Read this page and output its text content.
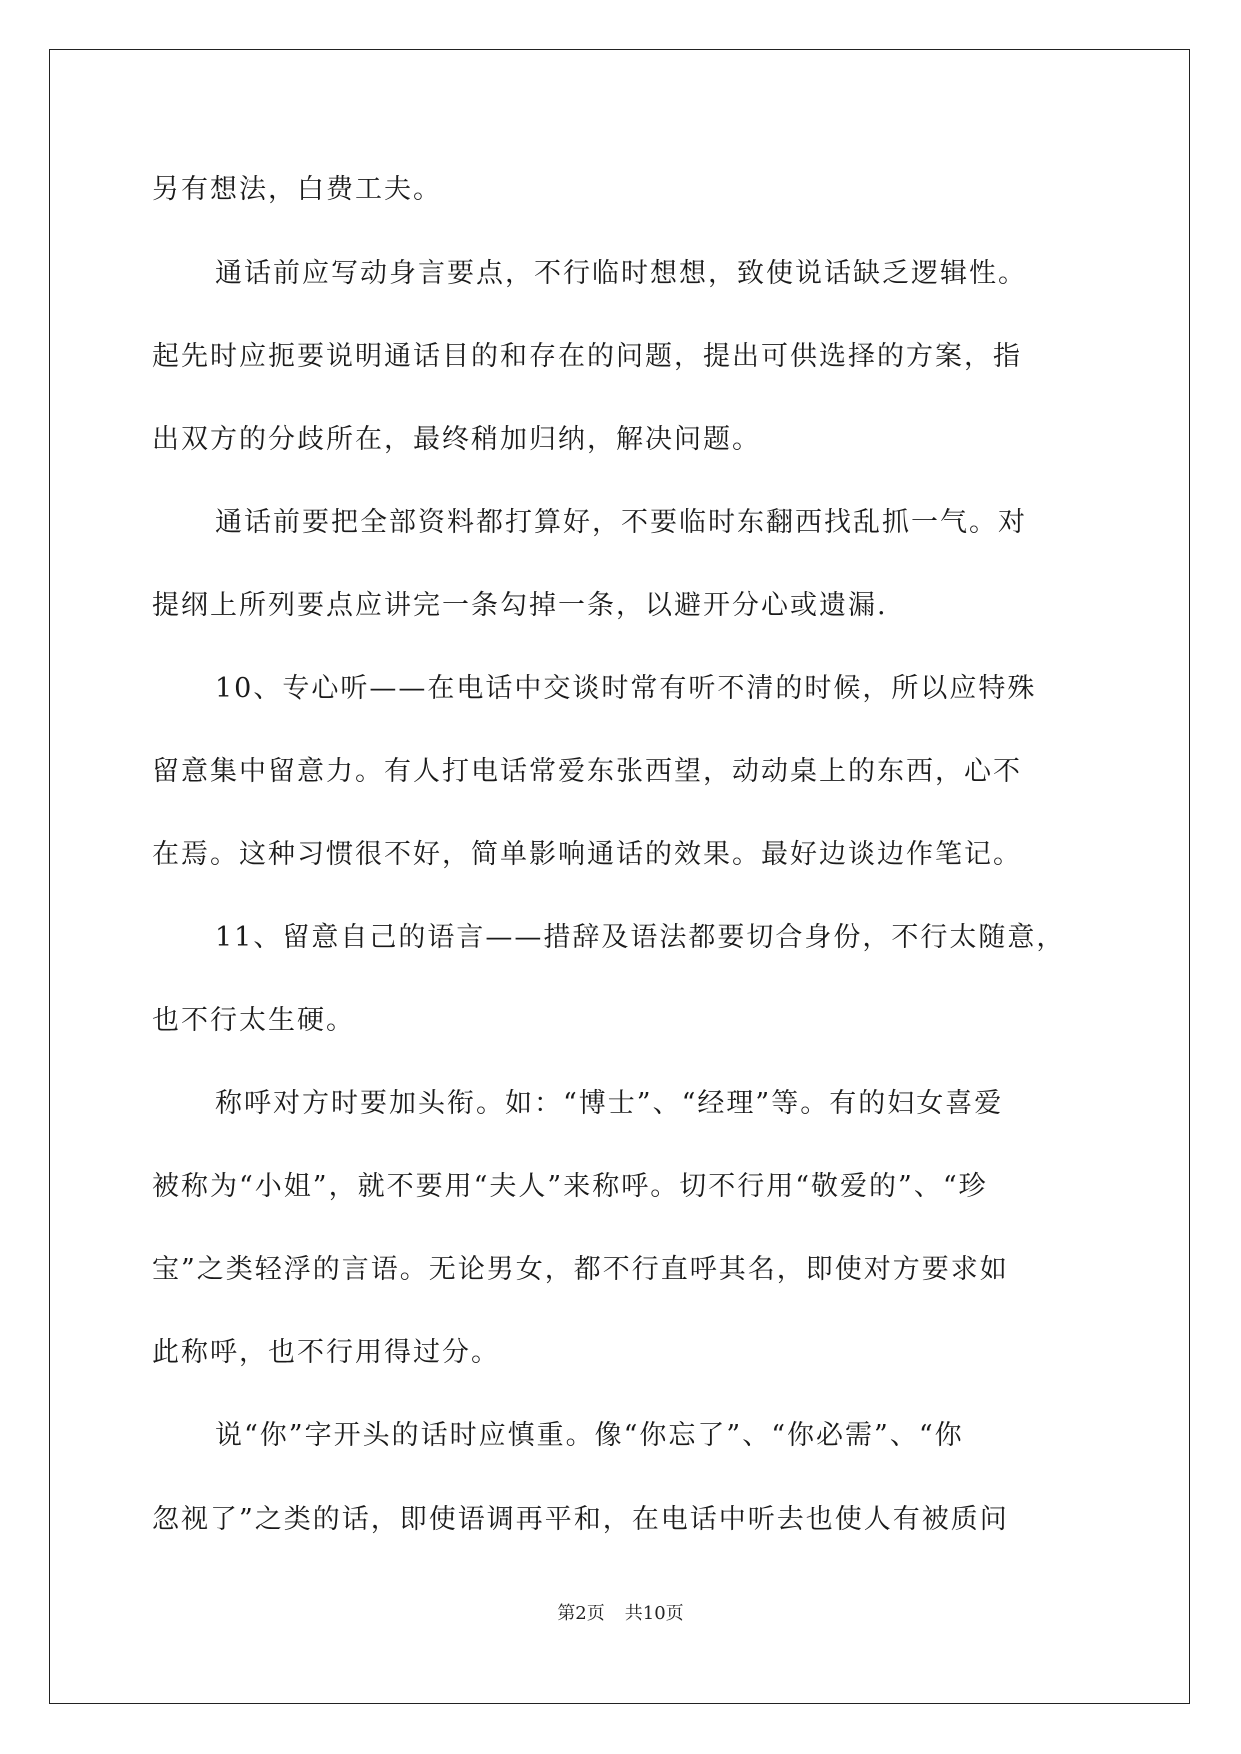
另有想法，白费工夫。
通话前应写动身言要点，不行临时想想，致使说话缺乏逻辑性。
起先时应扼要说明通话目的和存在的问题，提出可供选择的方案，指
出双方的分歧所在，最终稍加归纳，解决问题。
通话前要把全部资料都打算好，不要临时东翻西找乱抓一气。对
提纲上所列要点应讲完一条勾掉一条，以避开分心或遗漏.
10、专心听——在电话中交谈时常有听不清的时候，所以应特殊
留意集中留意力。有人打电话常爱东张西望，动动桌上的东西，心不
在焉。这种习惯很不好，简单影响通话的效果。最好边谈边作笔记。
11、留意自己的语言——措辞及语法都要切合身份，不行太随意，
也不行太生硬。
称呼对方时要加头衔。如：“博士”、“经理”等。有的妇女喜爱
被称为“小姐”，就不要用“夫人”来称呼。切不行用“敬爱的”、“珍
宝”之类轻浮的言语。无论男女，都不行直呼其名，即使对方要求如
此称呼，也不行用得过分。
说“你”字开头的话时应慎重。像“你忘了”、“你必需”、“你
忽视了”之类的话，即使语调再平和，在电话中听去也使人有被质问
第2页 共10页
